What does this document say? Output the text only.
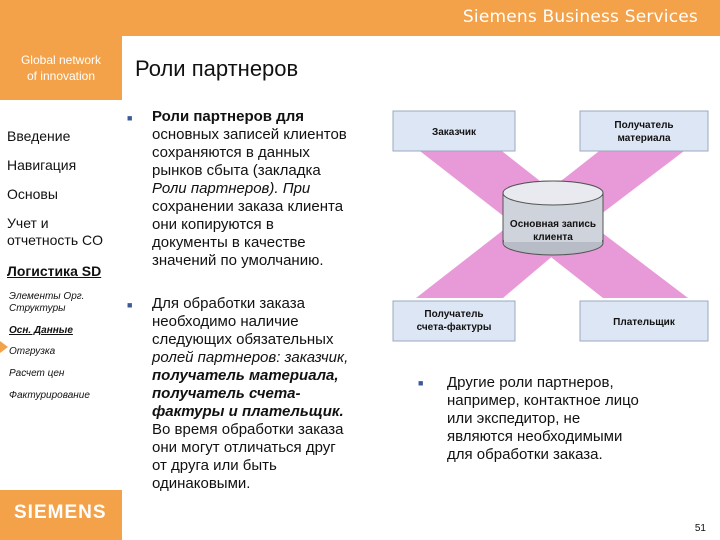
Siemens Business Services
Global network
of innovation
Введение
Навигация
Основы
Учет и
отчетность CO
Логистика SD
Элементы Орг.
Структуры
Осн. Данные
Отгрузка
Расчет цен
Фактурирование
SIEMENS
Роли партнеров
■ Роли партнеров для
основных записей клиентов
сохраняются в данных
рынков сбыта (закладка
Роли партнеров). При
сохранении заказа клиента
они копируются в
документы в качестве
значений по умолчанию.
■ Для обработки заказа
необходимо наличие
следующих обязательных
ролей партнеров: заказчик,
получатель материала,
получатель счета-
фактуры и плательщик.
Во время обработки заказа
они могут отличаться друг
от друга или быть
одинаковыми.
■ Другие роли партнеров,
например, контактное лицо
или экспедитор, не
являются необходимыми
для обработки заказа.
Заказчик
Получатель
материала
Получатель
счета-фактуры	Плательщик
Основная запись
клиента
51
